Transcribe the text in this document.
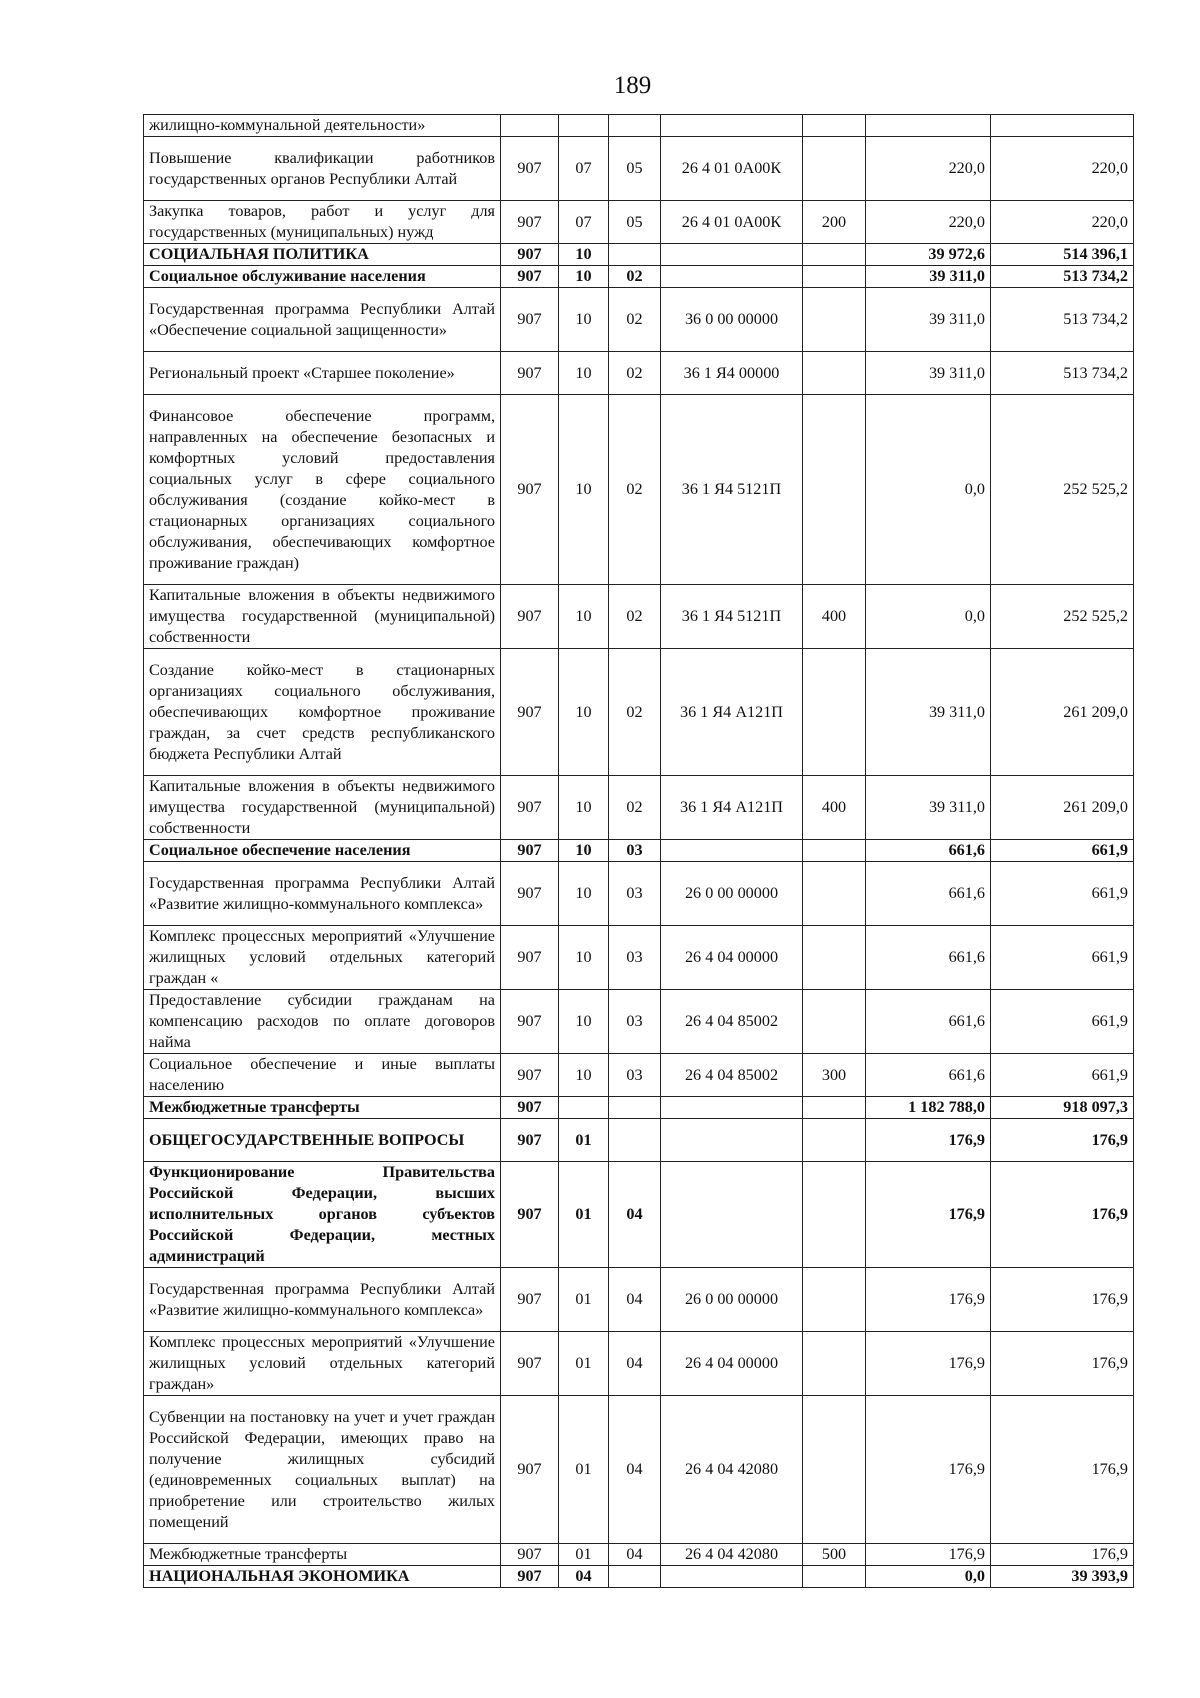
189
жилищно-коммунальной деятельности»							
Повышение квалификации работников государственных органов Республики Алтай	907	07	05	26 4 01 0А00К		220,0	220,0
Закупка товаров, работ и услуг для государственных (муниципальных) нужд	907	07	05	26 4 01 0А00К	200	220,0	220,0
СОЦИАЛЬНАЯ ПОЛИТИКА	907	10				39 972,6	514 396,1
Социальное обслуживание населения	907	10	02			39 311,0	513 734,2
Государственная программа Республики Алтай «Обеспечение социальной защищенности»	907	10	02	36 0 00 00000		39 311,0	513 734,2
Региональный проект «Старшее поколение»	907	10	02	36 1 Я4 00000		39 311,0	513 734,2
Финансовое обеспечение программ, направленных на обеспечение безопасных и комфортных условий предоставления социальных услуг в сфере социального обслуживания (создание койко-мест в стационарных организациях социального обслуживания, обеспечивающих комфортное проживание граждан)	907	10	02	36 1 Я4 5121П		0,0	252 525,2
Капитальные вложения в объекты недвижимого имущества государственной (муниципальной) собственности	907	10	02	36 1 Я4 5121П	400	0,0	252 525,2
Создание койко-мест в стационарных организациях социального обслуживания, обеспечивающих комфортное проживание граждан, за счет средств республиканского бюджета Республики Алтай	907	10	02	36 1 Я4 А121П		39 311,0	261 209,0
Капитальные вложения в объекты недвижимого имущества государственной (муниципальной) собственности	907	10	02	36 1 Я4 А121П	400	39 311,0	261 209,0
Социальное обеспечение населения	907	10	03			661,6	661,9
Государственная программа Республики Алтай «Развитие жилищно-коммунального комплекса»	907	10	03	26 0 00 00000		661,6	661,9
Комплекс процессных мероприятий «Улучшение жилищных условий отдельных категорий граждан «	907	10	03	26 4 04 00000		661,6	661,9
Предоставление субсидии гражданам на компенсацию расходов по оплате договоров найма	907	10	03	26 4 04 85002		661,6	661,9
Социальное обеспечение и иные выплаты населению	907	10	03	26 4 04 85002	300	661,6	661,9
Межбюджетные трансферты	907					1 182 788,0	918 097,3
ОБЩЕГОСУДАРСТВЕННЫЕ ВОПРОСЫ	907	01				176,9	176,9
Функционирование Правительства Российской Федерации, высших исполнительных органов субъектов Российской Федерации, местных администраций	907	01	04			176,9	176,9
Государственная программа Республики Алтай «Развитие жилищно-коммунального комплекса»	907	01	04	26 0 00 00000		176,9	176,9
Комплекс процессных мероприятий «Улучшение жилищных условий отдельных категорий граждан»	907	01	04	26 4 04 00000		176,9	176,9
Субвенции на постановку на учет и учет граждан Российской Федерации, имеющих право на получение жилищных субсидий (единовременных социальных выплат) на приобретение или строительство жилых помещений	907	01	04	26 4 04 42080		176,9	176,9
Межбюджетные трансферты	907	01	04	26 4 04 42080	500	176,9	176,9
НАЦИОНАЛЬНАЯ ЭКОНОМИКА	907	04				0,0	39 393,9
